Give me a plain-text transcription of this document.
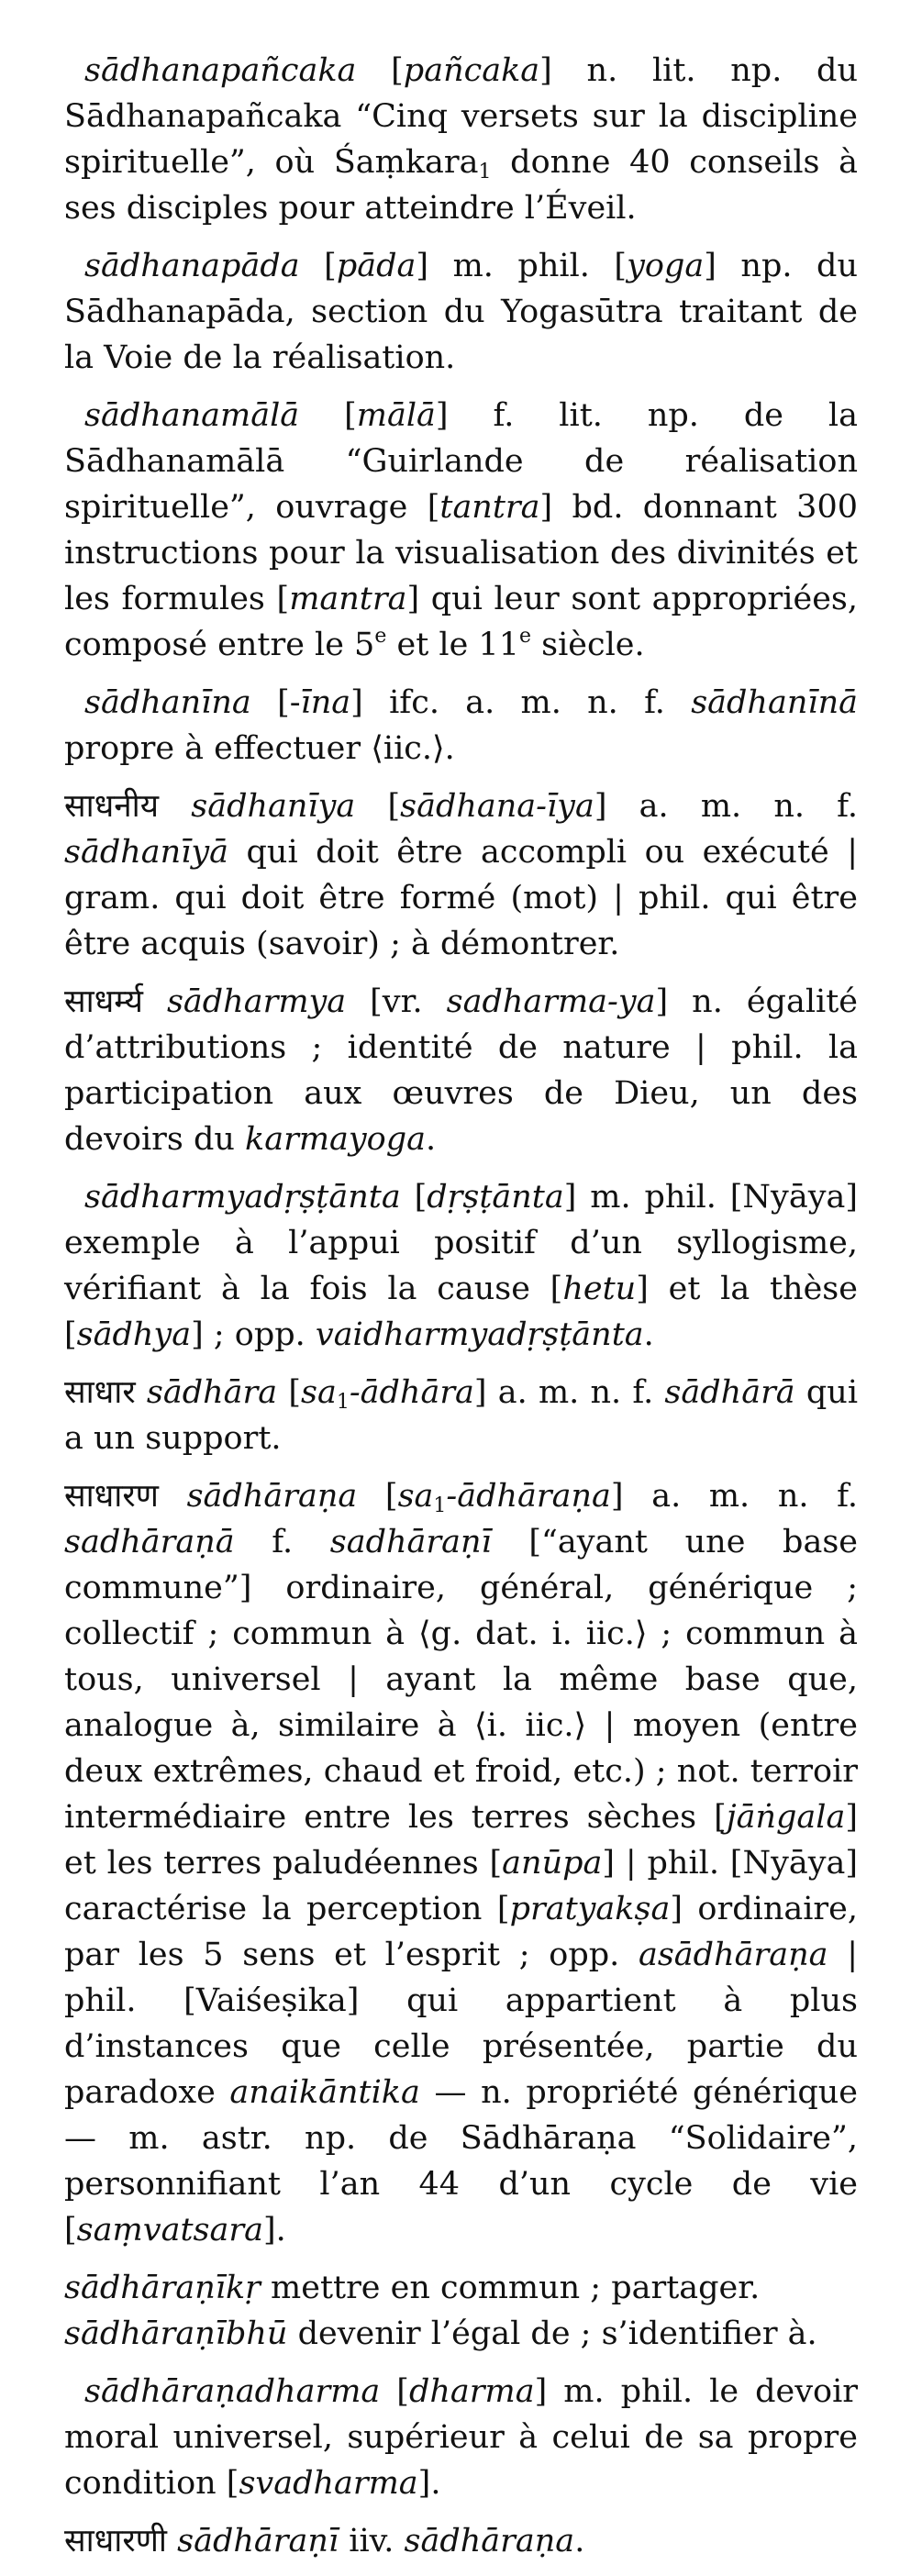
sādhanapañcaka [pañcaka] n. lit. np. du Sādhanapañcaka “Cinq versets sur la discipline spirituelle”, où Śaṃkara$_1$ donne 40 conseils à ses disciples pour atteindre l’Éveil.

sādhanapāda [pāda] m. phil. [yoga] np. du Sādhanapāda, section du Yogasūtra traitant de la Voie de la réalisation.

sādhanamālā [mālā] f. lit. np. de la Sādhanamālā “Guirlande de réalisation spirituelle”, ouvrage [tantra] bd. donnant 300 instructions pour la visualisation des divinités et les formules [mantra] qui leur sont appropriées, composé entre le 5e et le 11e siècle.

sādhanīna [-īna] ifc. a. m. n. f. sādhanīnā propre à effectuer ⟨iic.⟩.

साधनीय sādhanīya [sādhana-īya] a. m. n. f. sādhanīyā qui doit être accompli ou exécuté | gram. qui doit être formé (mot) | phil. qui être être acquis (savoir) ; à démontrer.

साधर्म्य sādharmya [vr. sadharma-ya] n. égalité d’attributions ; identité de nature | phil. la participation aux œuvres de Dieu, un des devoirs du karmayoga.

sādharmyadṛṣṭānta [dṛṣṭānta] m. phil. [Nyāya] exemple à l’appui positif d’un syllogisme, vérifiant à la fois la cause [hetu] et la thèse [sādhya] ; opp. vaidharmyadṛṣṭānta.

साधार sādhāra $[sa_1-ādhāra]$ a. m. n. f. sādhārā qui a un support.

साधारण sādhāraṇa $[sa_1-ādhāraṇa]$ a. m. n. f. sadhāraṇā f. sadhāraṇī [“ayant une base commune”] ordinaire, général, générique ; collectif ; commun à ⟨g. dat. i. iic.⟩ ; commun à tous, universel | ayant la même base que, analogue à, similaire à ⟨i. iic.⟩ | moyen (entre deux extrêmes, chaud et froid, etc.) ; not. terroir intermédiaire entre les terres sèches [jāṅgala] et les terres paludéennes [anūpa] | phil. [Nyāya] caractérise la perception [pratyakṣa] ordinaire, par les 5 sens et l’esprit ; opp. asādhāraṇa | phil. [Vaiśeṣika] qui appartient à plus d’instances que celle présentée, partie du paradoxe anaikāntika — n. propriété générique — m. astr. np. de Sādhāraṇa “Solidaire”, personnifiant l’an 44 d’un cycle de vie [saṃvatsara].

sādhāraṇīkṛ mettre en commun ; partager.

sādhāraṇībhū devenir l’égal de ; s’identifier à.

sādhāraṇadharma [dharma] m. phil. le devoir moral universel, supérieur à celui de sa propre condition [svadharma].

साधारणी sādhāraṇī iiv. sādhāraṇa.
